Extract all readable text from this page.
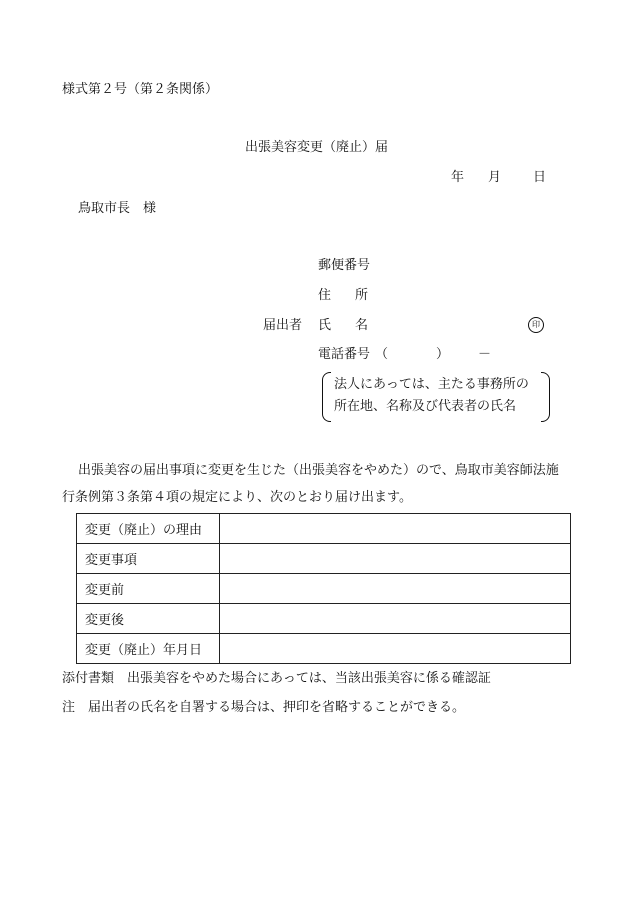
様式第２号（第２条関係）
出張美容変更（廃止）届
年 月 日
鳥取市長　様
郵便番号
住 所
届出者 氏 名	印
電話番号 （	） －
法人にあっては、主たる事務所の
所在地、名称及び代表者の氏名
出張美容の届出事項に変更を生じた（出張美容をやめた）ので、鳥取市美容師法施
行条例第３条第４項の規定により、次のとおり届け出ます。
変更（廃止）の理由	
変更事項	
変更前	
変更後	
変更（廃止）年月日	
添付書類　出張美容をやめた場合にあっては、当該出張美容に係る確認証
注　届出者の氏名を自署する場合は、押印を省略することができる。
